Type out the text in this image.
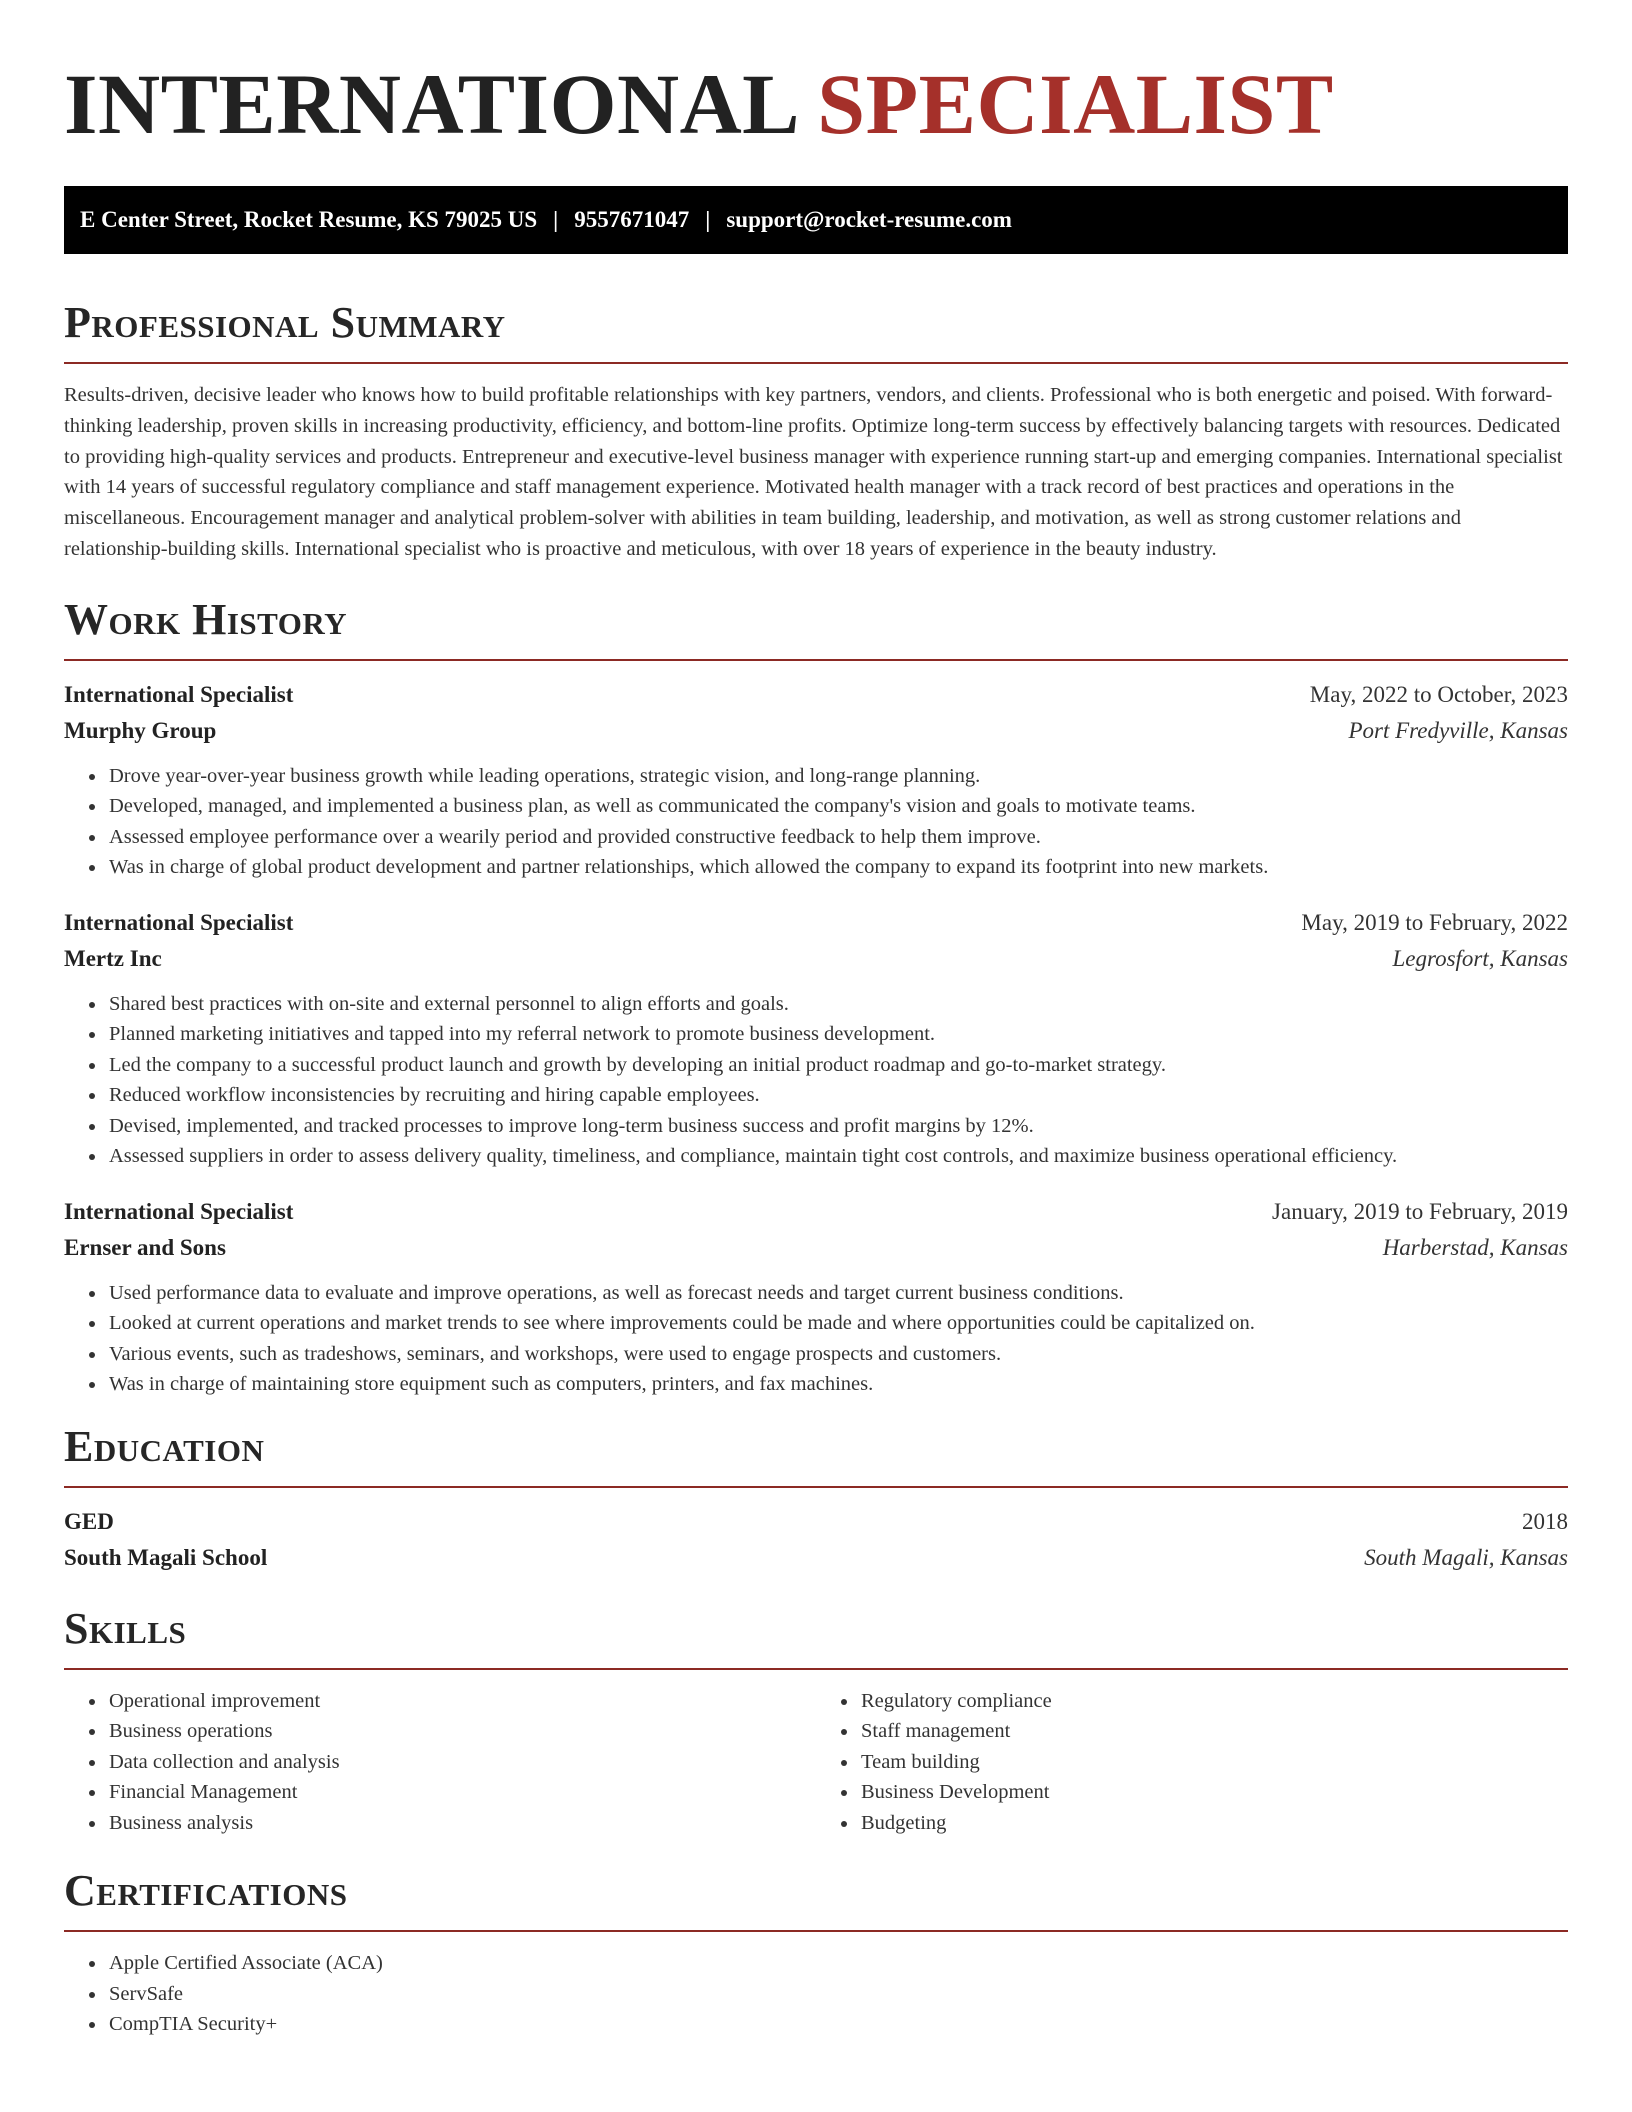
INTERNATIONAL SPECIALIST
E Center Street, Rocket Resume, KS 79025 US | 9557671047 | support@rocket-resume.com
Professional Summary

Results-driven, decisive leader who knows how to build profitable relationships with key partners, vendors, and clients. Professional who is both energetic and poised. With forward-thinking leadership, proven skills in increasing productivity, efficiency, and bottom-line profits. Optimize long-term success by effectively balancing targets with resources. Dedicated to providing high-quality services and products. Entrepreneur and executive-level business manager with experience running start-up and emerging companies. International specialist with 14 years of successful regulatory compliance and staff management experience. Motivated health manager with a track record of best practices and operations in the miscellaneous. Encouragement manager and analytical problem-solver with abilities in team building, leadership, and motivation, as well as strong customer relations and relationship-building skills. International specialist who is proactive and meticulous, with over 18 years of experience in the beauty industry.

Work History
International Specialist	May, 2022 to October, 2023
Murphy Group	Port Fredyville, Kansas
• Drove year-over-year business growth while leading operations, strategic vision, and long-range planning.
• Developed, managed, and implemented a business plan, as well as communicated the company's vision and goals to motivate teams.
• Assessed employee performance over a wearily period and provided constructive feedback to help them improve.
• Was in charge of global product development and partner relationships, which allowed the company to expand its footprint into new markets.
International Specialist	May, 2019 to February, 2022
Mertz Inc	Legrosfort, Kansas
• Shared best practices with on-site and external personnel to align efforts and goals.
• Planned marketing initiatives and tapped into my referral network to promote business development.
• Led the company to a successful product launch and growth by developing an initial product roadmap and go-to-market strategy.
• Reduced workflow inconsistencies by recruiting and hiring capable employees.
• Devised, implemented, and tracked processes to improve long-term business success and profit margins by 12%.
• Assessed suppliers in order to assess delivery quality, timeliness, and compliance, maintain tight cost controls, and maximize business operational efficiency.
International Specialist	January, 2019 to February, 2019
Ernser and Sons	Harberstad, Kansas
• Used performance data to evaluate and improve operations, as well as forecast needs and target current business conditions.
• Looked at current operations and market trends to see where improvements could be made and where opportunities could be capitalized on.
• Various events, such as tradeshows, seminars, and workshops, were used to engage prospects and customers.
• Was in charge of maintaining store equipment such as computers, printers, and fax machines.
Education
GED	2018
South Magali School	South Magali, Kansas
Skills
• Operational improvement
• Business operations
• Data collection and analysis
• Financial Management
• Business analysis
• Regulatory compliance
• Staff management
• Team building
• Business Development
• Budgeting
Certifications
• Apple Certified Associate (ACA)
• ServSafe
• CompTIA Security+
